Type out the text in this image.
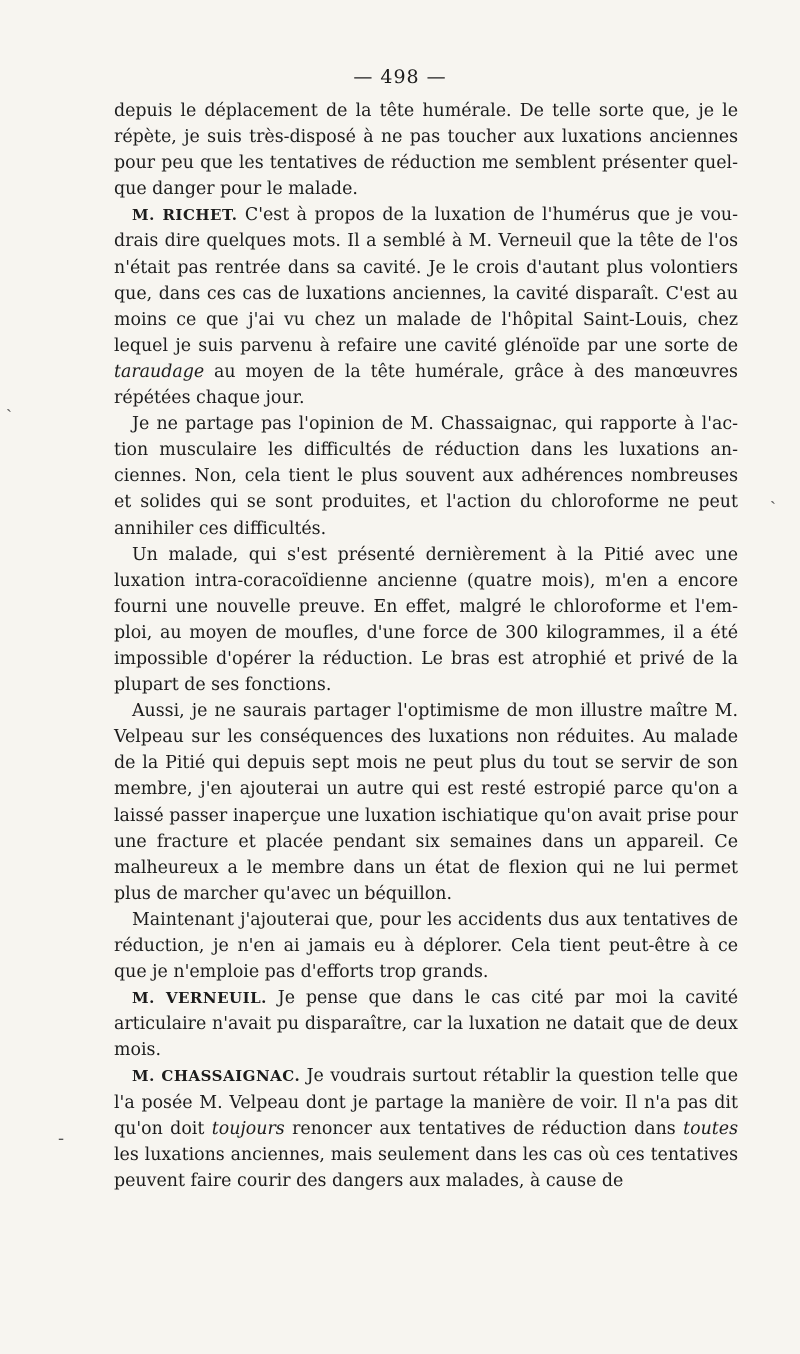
— 498 —

depuis le déplacement de la tête humérale. De telle sorte que, je le répète, je suis très-disposé à ne pas toucher aux luxations anciennes pour peu que les tentatives de réduction me semblent présenter quel-que danger pour le malade.

M. RICHET. C'est à propos de la luxation de l'humérus que je vou-drais dire quelques mots. Il a semblé à M. Verneuil que la tête de l'os n'était pas rentrée dans sa cavité. Je le crois d'autant plus volontiers que, dans ces cas de luxations anciennes, la cavité disparaît. C'est au moins ce que j'ai vu chez un malade de l'hôpital Saint-Louis, chez lequel je suis parvenu à refaire une cavité glénoïde par une sorte de taraudage au moyen de la tête humérale, grâce à des manœuvres répétées chaque jour.

Je ne partage pas l'opinion de M. Chassaignac, qui rapporte à l'ac-tion musculaire les difficultés de réduction dans les luxations an-ciennes. Non, cela tient le plus souvent aux adhérences nombreuses et solides qui se sont produites, et l'action du chloroforme ne peut annihiler ces difficultés.

Un malade, qui s'est présenté dernièrement à la Pitié avec une luxation intra-coracoïdienne ancienne (quatre mois), m'en a encore fourni une nouvelle preuve. En effet, malgré le chloroforme et l'em-ploi, au moyen de moufles, d'une force de 300 kilogrammes, il a été impossible d'opérer la réduction. Le bras est atrophié et privé de la plupart de ses fonctions.

Aussi, je ne saurais partager l'optimisme de mon illustre maître M. Velpeau sur les conséquences des luxations non réduites. Au malade de la Pitié qui depuis sept mois ne peut plus du tout se servir de son membre, j'en ajouterai un autre qui est resté estropié parce qu'on a laissé passer inaperçue une luxation ischiatique qu'on avait prise pour une fracture et placée pendant six semaines dans un appareil. Ce malheureux a le membre dans un état de flexion qui ne lui permet plus de marcher qu'avec un béquillon.

Maintenant j'ajouterai que, pour les accidents dus aux tentatives de réduction, je n'en ai jamais eu à déplorer. Cela tient peut-être à ce que je n'emploie pas d'efforts trop grands.

M. VERNEUIL. Je pense que dans le cas cité par moi la cavité articulaire n'avait pu disparaître, car la luxation ne datait que de deux mois.

M. CHASSAIGNAC. Je voudrais surtout rétablir la question telle que l'a posée M. Velpeau dont je partage la manière de voir. Il n'a pas dit qu'on doit toujours renoncer aux tentatives de réduction dans toutes les luxations anciennes, mais seulement dans les cas où ces tentatives peuvent faire courir des dangers aux malades, à cause de

ˏ
-
ˎ
